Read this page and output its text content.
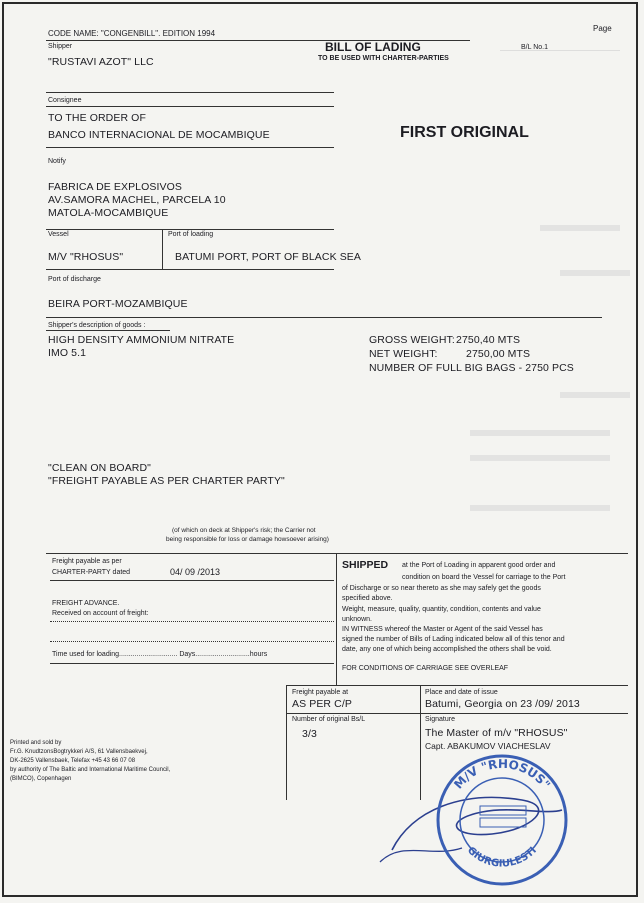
Page
CODE NAME: "CONGENBILL". EDITION 1994
BILL OF LADING
TO BE USED WITH CHARTER-PARTIES
B/L No.1
Shipper
"RUSTAVI AZOT" LLC
Consignee
TO THE ORDER OF
BANCO INTERNACIONAL DE MOCAMBIQUE	FIRST ORIGINAL
Notify
FABRICA DE EXPLOSIVOS
AV.SAMORA MACHEL, PARCELA 10
MATOLA-MOCAMBIQUE
Vessel	Port of loading
M/V "RHOSUS"	BATUMI PORT, PORT OF BLACK SEA
Port of discharge
BEIRA PORT-MOZAMBIQUE
Shipper's description of goods :
HIGH DENSITY AMMONIUM NITRATE
IMO 5.1
GROSS WEIGHT: 2750,40 MTS
NET WEIGHT:	2750,00 MTS
NUMBER OF FULL BIG BAGS - 2750 PCS
"CLEAN ON BOARD"
"FREIGHT PAYABLE AS PER CHARTER PARTY"
(of which on deck at Shipper's risk; the Carrier not
being responsible for loss or damage howsoever arising)
Freight payable as per
CHARTER-PARTY dated	04/ 09 /2013
FREIGHT ADVANCE.
Received on account of freight:
Time used for loading.............................. Days............................hours
SHIPPED at the Port of Loading in apparent good order and
condition on board the Vessel for carriage to the Port
of Discharge or so near thereto as she may safely get the goods
specified above.
Weight, measure, quality, quantity, condition, contents and value
unknown.
IN WITNESS whereof the Master or Agent of the said Vessel has
signed the number of Bills of Lading indicated below all of this tenor and
date, any one of which being accomplished the others shall be void.
FOR CONDITIONS OF CARRIAGE SEE OVERLEAF
Freight payable at
AS PER C/P
Place and date of issue
Batumi, Georgia on 23 /09/ 2013
Number of original Bs/L
3/3
Signature
The Master of m/v "RHOSUS"
Capt. ABAKUMOV VIACHESLAV
Printed and sold by
Fr.G. KnudtzonsBogtrykkeri A/S, 61 Vallensbaekvej,
DK-2625 Vallensbaek, Telefax +45 43 66 07 08
by authority of The Baltic and International Maritime Council,
(BIMCO), Copenhagen	M/V "RHOSUS"
GIURGIULESTI
